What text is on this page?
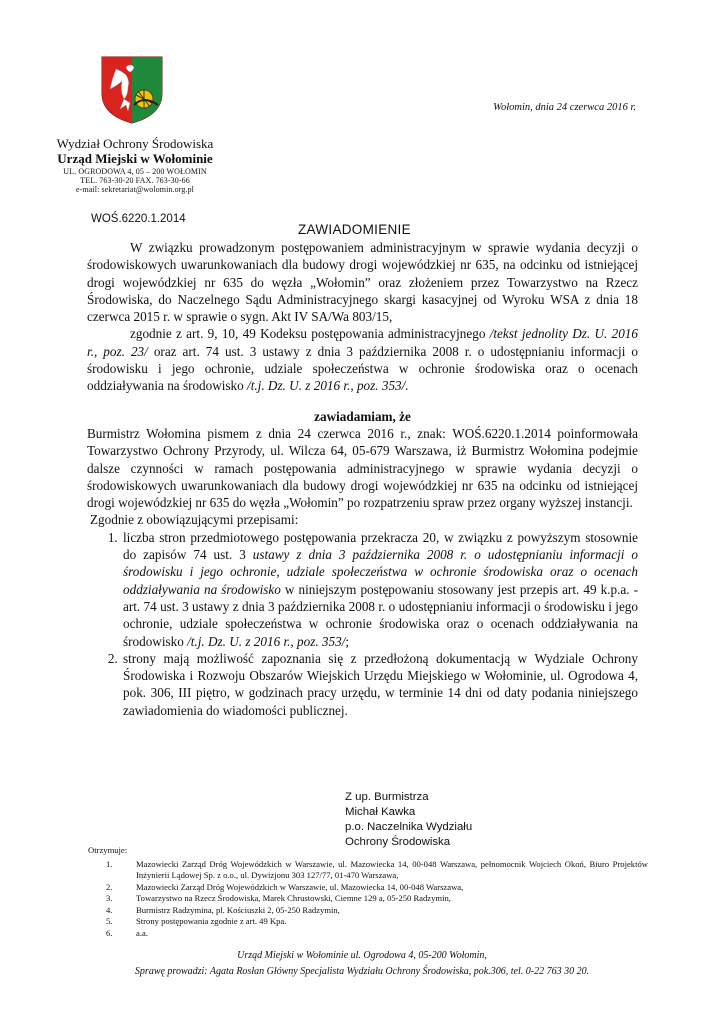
Wołomin, dnia 24 czerwca 2016 r.
Wydział Ochrony Środowiska
Urząd Miejski w Wołominie
UL. OGRODOWA 4, 05 – 200 WOŁOMIN
TEL. 763-30-20 FAX. 763-30-66
e-mail: sekretariat@wolomin.org.pl
WOŚ.6220.1.2014
ZAWIADOMIENIE

W związku prowadzonym postępowaniem administracyjnym w sprawie wydania decyzji o środowiskowych uwarunkowaniach dla budowy drogi wojewódzkiej nr 635, na odcinku od istniejącej drogi wojewódzkiej nr 635 do węzła „Wołomin” oraz złożeniem przez Towarzystwo na Rzecz Środowiska, do Naczelnego Sądu Administracyjnego skargi kasacyjnej od Wyroku WSA z dnia 18 czerwca 2015 r. w sprawie o sygn. Akt IV SA/Wa 803/15,

zgodnie z art. 9, 10, 49 Kodeksu postępowania administracyjnego /tekst jednolity Dz. U. 2016 r., poz. 23/ oraz art. 74 ust. 3 ustawy z dnia 3 października 2008 r. o udostępnianiu informacji o środowisku i jego ochronie, udziale społeczeństwa w ochronie środowiska oraz o ocenach oddziaływania na środowisko /t.j. Dz. U. z 2016 r., poz. 353/.

zawiadamiam, że

Burmistrz Wołomina pismem z dnia 24 czerwca 2016 r., znak: WOŚ.6220.1.2014 poinformowała Towarzystwo Ochrony Przyrody, ul. Wilcza 64, 05-679 Warszawa, iż Burmistrz Wołomina podejmie dalsze czynności w ramach postępowania administracyjnego w sprawie wydania decyzji o środowiskowych uwarunkowaniach dla budowy drogi wojewódzkiej nr 635 na odcinku od istniejącej drogi wojewódzkiej nr 635 do węzła „Wołomin” po rozpatrzeniu spraw przez organy wyższej instancji.

Zgodnie z obowiązującymi przepisami:

1. liczba stron przedmiotowego postępowania przekracza 20, w związku z powyższym stosownie do zapisów 74 ust. 3 ustawy z dnia 3 października 2008 r. o udostępnianiu informacji o środowisku i jego ochronie, udziale społeczeństwa w ochronie środowiska oraz o ocenach oddziaływania na środowisko w niniejszym postępowaniu stosowany jest przepis art. 49 k.p.a. - art. 74 ust. 3 ustawy z dnia 3 października 2008 r. o udostępnianiu informacji o środowisku i jego ochronie, udziale społeczeństwa w ochronie środowiska oraz o ocenach oddziaływania na środowisko /t.j. Dz. U. z 2016 r., poz. 353/;
2. strony mają możliwość zapoznania się z przedłożoną dokumentacją w Wydziale Ochrony Środowiska i Rozwoju Obszarów Wiejskich Urzędu Miejskiego w Wołominie, ul. Ogrodowa 4, pok. 306, III piętro, w godzinach pracy urzędu, w terminie 14 dni od daty podania niniejszego zawiadomienia do wiadomości publicznej.
Z up. Burmistrza
Michał Kawka
p.o. Naczelnika Wydziału
Ochrony Środowiska
Otrzymuje:
1.	Mazowiecki Zarząd Dróg Wojewódzkich w Warszawie, ul. Mazowiecka 14, 00-048 Warszawa, pełnomocnik Wojciech Okoń, Biuro Projektów Inżynierii Lądowej Sp. z o.o., ul. Dywizjonu 303 127/77, 01-470 Warszawa,
2.	Mazowiecki Zarząd Dróg Wojewódzkich w Warszawie, ul. Mazowiecka 14, 00-048 Warszawa,
3.	Towarzystwo na Rzecz Środowiska, Marek Chrustowski, Ciemne 129 a, 05-250 Radzymin,
4.	Burmistrz Radzymina, pl. Kościuszki 2, 05-250 Radzymin,
5.	Strony postępowania zgodnie z art. 49 Kpa.
6.	a.a.
Urząd Miejski w Wołominie ul. Ogrodowa 4, 05-200 Wołomin,
Sprawę prowadzi: Agata Rosłan Główny Specjalista Wydziału Ochrony Środowiska, pok.306, tel. 0-22 763 30 20.
